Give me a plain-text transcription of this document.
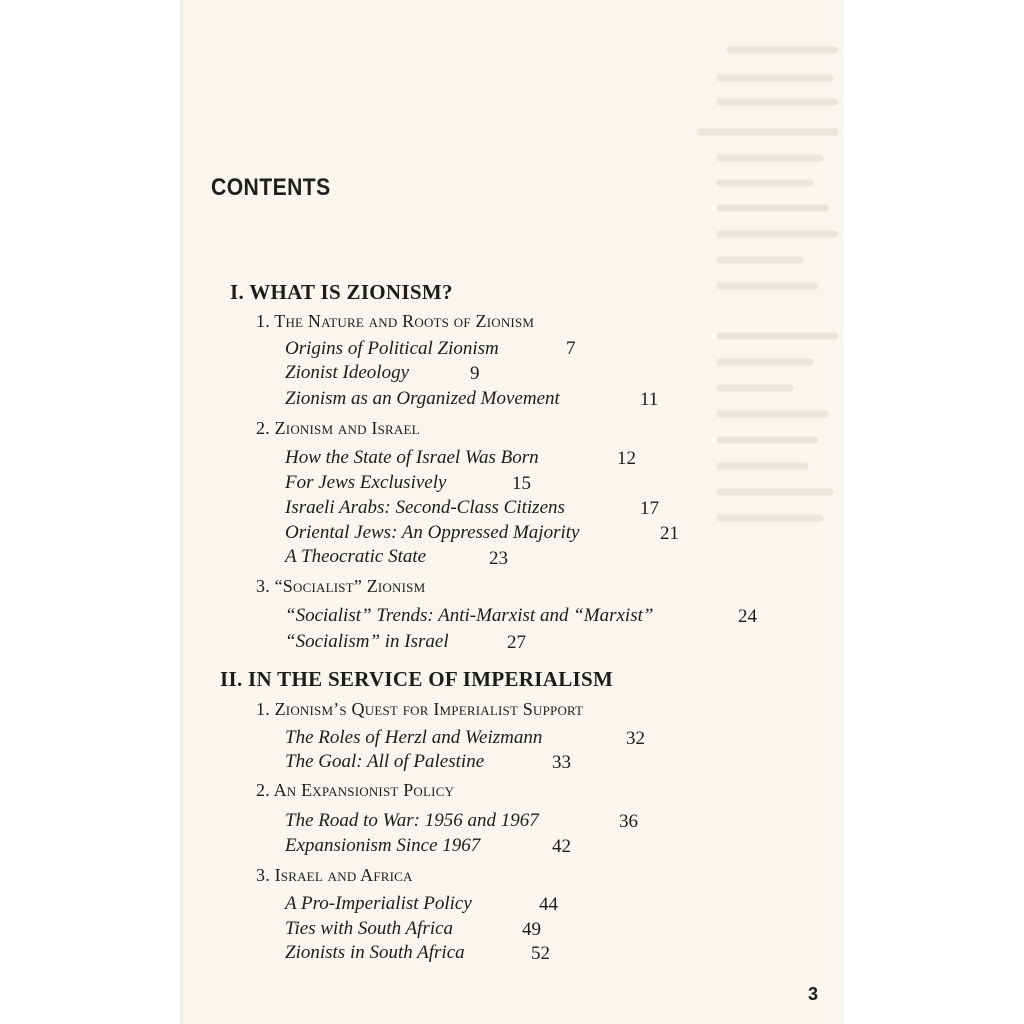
CONTENTS
I. WHAT IS ZIONISM?
1. The Nature and Roots of Zionism
Origins of Political Zionism	7
Zionist Ideology	9
Zionism as an Organized Movement	11
2. Zionism and Israel
How the State of Israel Was Born	12
For Jews Exclusively	15
Israeli Arabs: Second-Class Citizens	17
Oriental Jews: An Oppressed Majority	21
A Theocratic State	23
3. “Socialist” Zionism
“Socialist” Trends: Anti-Marxist and “Marxist”	24
“Socialism” in Israel	27
II. IN THE SERVICE OF IMPERIALISM
1. Zionism’s Quest for Imperialist Support
The Roles of Herzl and Weizmann	32
The Goal: All of Palestine	33
2. An Expansionist Policy
The Road to War: 1956 and 1967	36
Expansionism Since 1967	42
3. Israel and Africa
A Pro-Imperialist Policy	44
Ties with South Africa	49
Zionists in South Africa	52
3
